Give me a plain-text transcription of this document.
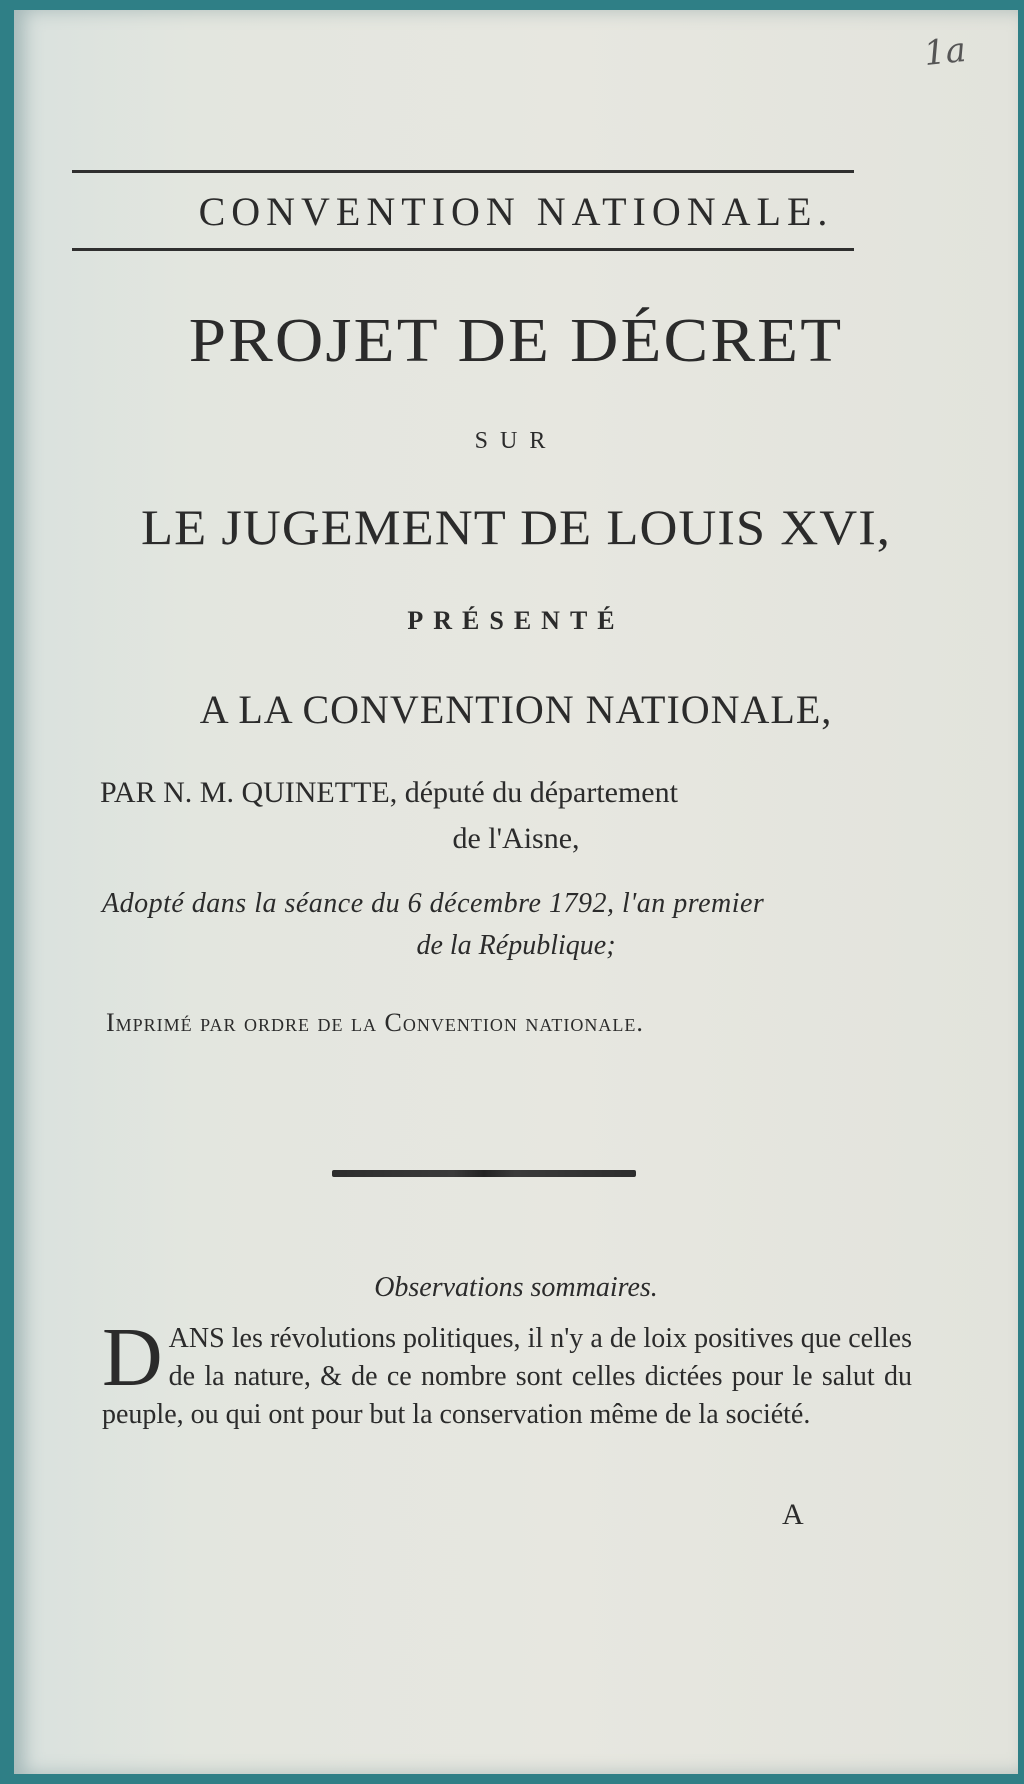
1a
CONVENTION NATIONALE.
PROJET DE DÉCRET
SUR
LE JUGEMENT DE LOUIS XVI,
PRÉSENTÉ
A LA CONVENTION NATIONALE,
PAR N. M. QUINETTE, député du département
de l'Aisne,
Adopté dans la séance du 6 décembre 1792, l'an premier
de la République;
Imprimé par ordre de la Convention nationale.
Observations sommaires.
D ANS les révolutions politiques, il n'y a de loix positives que celles de la nature, & de ce nombre sont celles dictées pour le salut du peuple, ou qui ont pour but la conservation même de la société.
A
